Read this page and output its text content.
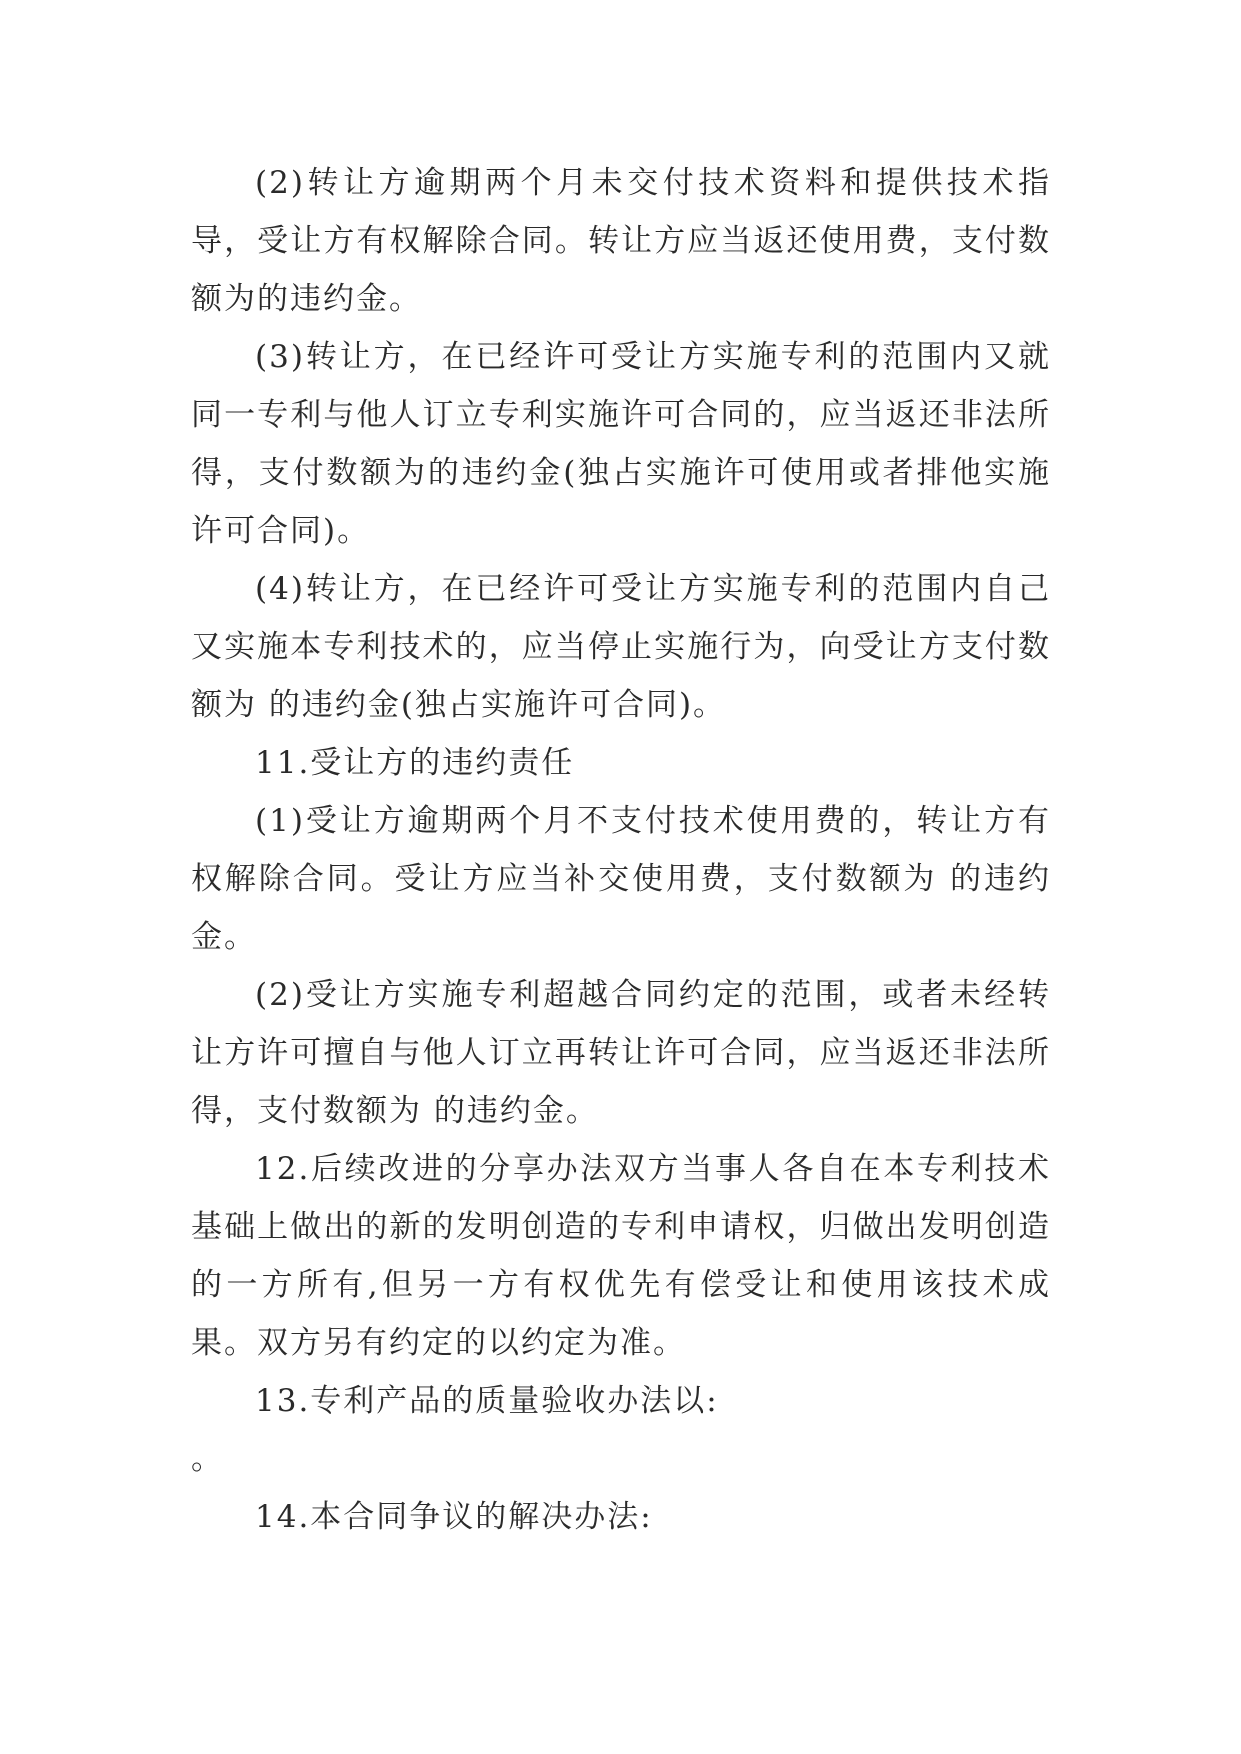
(2)转让方逾期两个月未交付技术资料和提供技术指导，受让方有权解除合同。转让方应当返还使用费，支付数额为的违约金。

(3)转让方，在已经许可受让方实施专利的范围内又就同一专利与他人订立专利实施许可合同的，应当返还非法所得，支付数额为的违约金(独占实施许可使用或者排他实施许可合同)。

(4)转让方，在已经许可受让方实施专利的范围内自己又实施本专利技术的，应当停止实施行为，向受让方支付数额为 的违约金(独占实施许可合同)。

11.受让方的违约责任

(1)受让方逾期两个月不支付技术使用费的，转让方有权解除合同。受让方应当补交使用费，支付数额为 的违约金。

(2)受让方实施专利超越合同约定的范围，或者未经转让方许可擅自与他人订立再转让许可合同，应当返还非法所得，支付数额为 的违约金。

12.后续改进的分享办法双方当事人各自在本专利技术基础上做出的新的发明创造的专利申请权，归做出发明创造的一方所有,但另一方有权优先有偿受让和使用该技术成果。双方另有约定的以约定为准。

13.专利产品的质量验收办法以:

。

14.本合同争议的解决办法:
